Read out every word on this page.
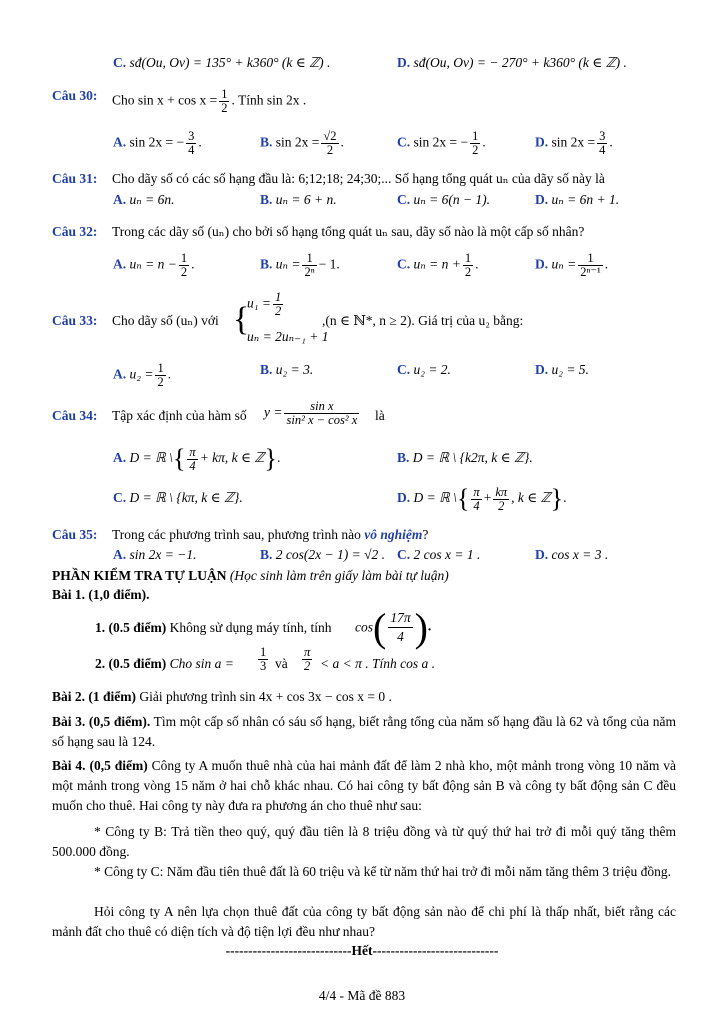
C. sđ(Ou, Ov) = 135° + k360° (k ∈ ℤ) .	D. sđ(Ou, Ov) = − 270° + k360° (k ∈ ℤ) .
Câu 30: Cho $\sin x + \cos x = \frac{1}{2}$ . Tính sin 2x .
A. sin 2x = − $\frac{3}{4}$ .	B. $\sin 2x = \frac{√2}{2}$ .	C. sin 2x = − $\frac{1}{2}$ .	D. $\sin 2x = \frac{3}{4}$ .
Câu 31: Cho dãy số có các số hạng đầu là: 6;12;18; 24;30;... Số hạng tổng quát uₙ của dãy số này là
A. uₙ = 6n.	B. uₙ = 6 + n.	C. uₙ = 6(n − 1).	D. uₙ = 6n + 1.
Câu 32: Trong các dãy số (uₙ) cho bởi số hạng tổng quát uₙ sau, dãy số nào là một cấp số nhân?
A. $u_n = n - \frac{1}{2}$ .	B. $u_n = \frac{1}{\text{2ⁿ}} - 1$.	C. $u_n = n + \frac{1}{2}$ .	D. $u_n = \frac{1}{\text{2ⁿ⁻¹}}$ .
Câu 33: Cho dãy số (uₙ) với {
$u_1 = \frac{1}{2}$
uₙ = 2uₙ₋₁ + 1
,(n ∈ ℕ*, n ≥ 2). Giá trị của u₂ bằng:
A. $u_2 = \frac{1}{2}$ .	B. u₂ = 3.	C. u₂ = 2.	D. u₂ = 5.
Câu 34: Tập xác định của hàm số $y = \frac{\text{sin x}}{\text{sin² x − cos² x}}$ là
A. D = ℝ \{ $\frac{\pi}{4} + k\pi$, k ∈ ℤ}.	B. D = ℝ \ {k2π, k ∈ ℤ}.
C. D = ℝ \ {kπ, k ∈ ℤ}.	D. D = ℝ \{ $\frac{\pi}{4} + \frac{k\pi}{2}$ , k ∈ ℤ}.
Câu 35: Trong các phương trình sau, phương trình nào vô nghiệm?
A. sin 2x = −1.	B. 2 cos(2x − 1) = √2 . C. 2 cos x = 1 .	D. cos x = 3 .
PHẦN KIỂM TRA TỰ LUẬN (Học sinh làm trên giấy làm bài tự luận)
Bài 1. (1,0 điểm).
1. (0.5 điểm) Không sử dụng máy tính, tính $\cos( \frac{17\pi}{4}$ ).
2. (0.5 điểm) Cho $\sin a = \frac{1}{3}$ và $\frac{\pi}{2} < a < \pi$ . Tính cos a .
Bài 2. (1 điểm) Giải phương trình sin 4x + cos 3x − cos x = 0 .
Bài 3. (0,5 điểm). Tìm một cấp số nhân có sáu số hạng, biết rằng tổng của năm số hạng đầu là 62 và tổng của năm số hạng sau là 124.
Bài 4. (0,5 điểm) Công ty A muốn thuê nhà của hai mảnh đất để làm 2 nhà kho, một mảnh trong vòng 10 năm và một mảnh trong vòng 15 năm ở hai chỗ khác nhau. Có hai công ty bất động sản B và công ty bất động sản C đều muốn cho thuê. Hai công ty này đưa ra phương án cho thuê như sau:
* Công ty B: Trả tiền theo quý, quý đầu tiên là 8 triệu đồng và từ quý thứ hai trở đi mỗi quý tăng thêm 500.000 đồng.
* Công ty C: Năm đầu tiên thuê đất là 60 triệu và kể từ năm thứ hai trở đi mỗi năm tăng thêm 3 triệu đồng.
Hỏi công ty A nên lựa chọn thuê đất của công ty bất động sản nào để chi phí là thấp nhất, biết rằng các mảnh đất cho thuê có diện tích và độ tiện lợi đều như nhau?
----------------------------Hết----------------------------
4/4 - Mã đề 883
